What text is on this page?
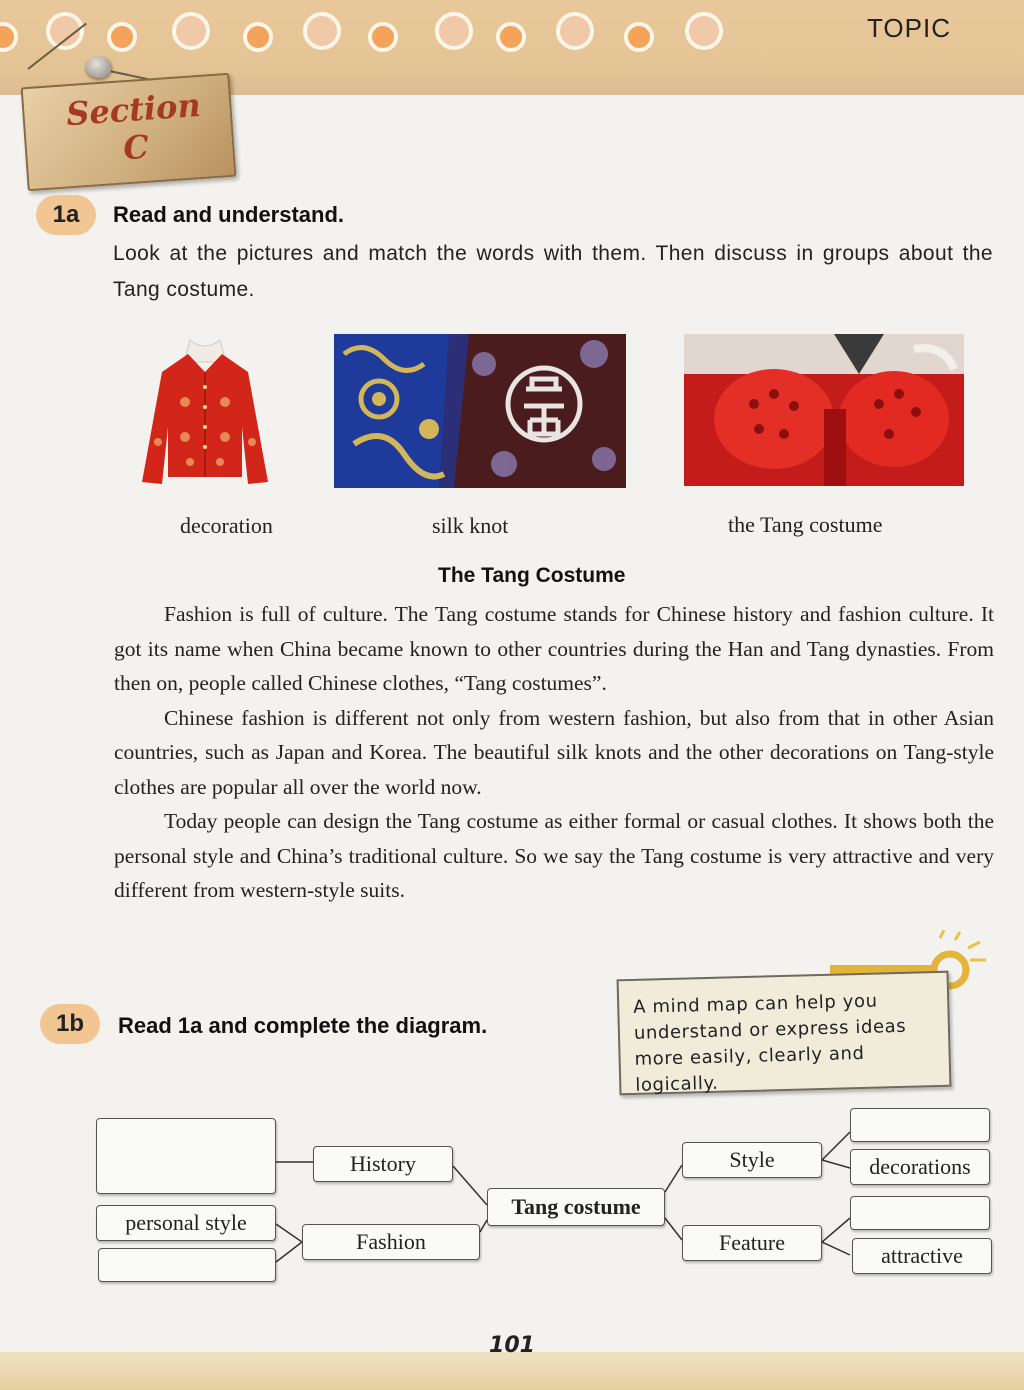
TOPIC
Section
C
1a	Read and understand.
Look at the pictures and match the words with them. Then discuss in groups about the Tang costume.
decoration	silk knot	the Tang costume
The Tang Costume

Fashion is full of culture. The Tang costume stands for Chinese history and fashion culture. It got its name when China became known to other countries during the Han and Tang dynasties. From then on, people called Chinese clothes, “Tang costumes”.

Chinese fashion is different not only from western fashion, but also from that in other Asian countries, such as Japan and Korea. The beautiful silk knots and the other decorations on Tang-style clothes are popular all over the world now.

Today people can design the Tang costume as either formal or casual clothes. It shows both the personal style and China’s traditional culture. So we say the Tang costume is very attractive and very different from western-style suits.

1b	Read 1a and complete the diagram.
A mind map can help you understand or express ideas more easily, clearly and logically.
personal style
History
Fashion
Tang costume
Style
Feature
decorations
attractive
101
